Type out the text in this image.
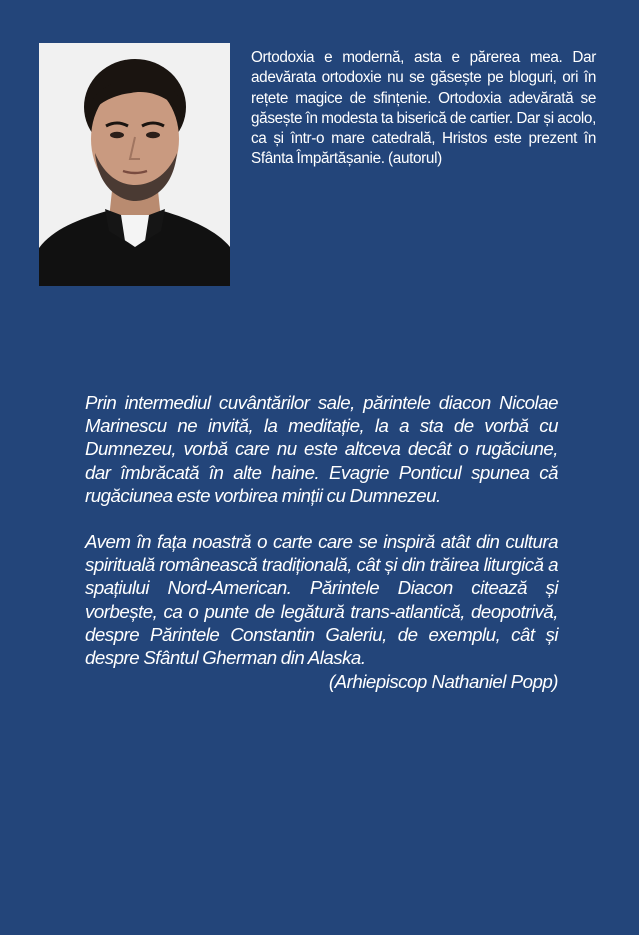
Ortodoxia e modernă, asta e părerea mea. Dar adevărata ortodoxie nu se găsește pe bloguri, ori în rețete magice de sfințenie. Ortodoxia adevărată se găsește în modesta ta biserică de cartier. Dar și acolo, ca și într-o mare catedrală, Hristos este prezent în Sfânta Împărtășanie. (autorul)

Prin intermediul cuvântărilor sale, părintele diacon Nicolae Marinescu ne invită, la meditație, la a sta de vorbă cu Dumnezeu, vorbă care nu este altceva decât o rugăciune, dar îmbrăcată în alte haine. Evagrie Ponticul spunea că rugăciunea este vorbirea minții cu Dumnezeu.

Avem în fața noastră o carte care se inspiră atât din cultura spirituală românească tradițională, cât și din trăirea liturgică a spațiului Nord-American. Părintele Diacon citează și vorbește, ca o punte de legătură trans-atlantică, deopotrivă, despre Părintele Constantin Galeriu, de exemplu, cât și despre Sfântul Gherman din Alaska.

(Arhiepiscop Nathaniel Popp)
